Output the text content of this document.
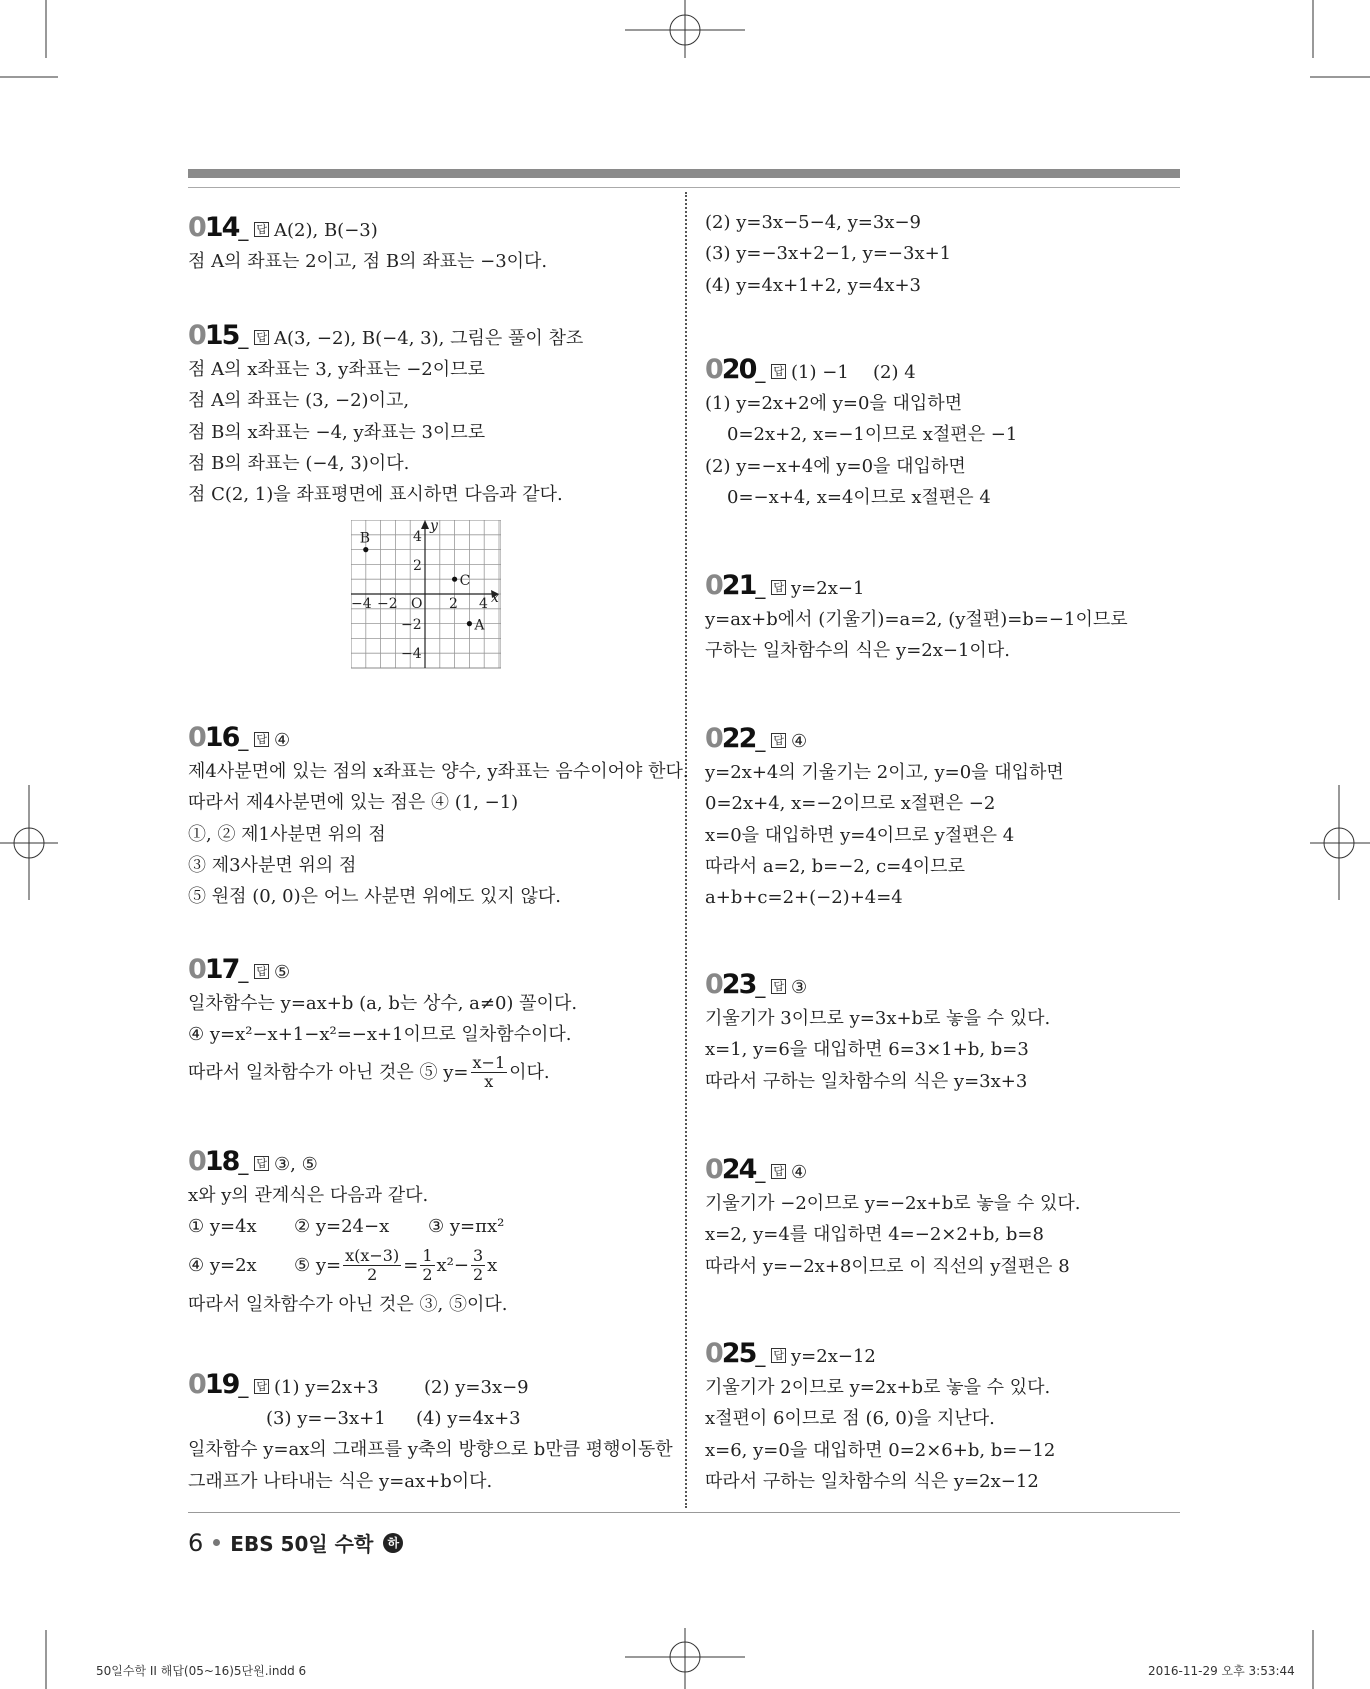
014 _ 답 A(2), B(−3)
점 A의 좌표는 2이고, 점 B의 좌표는 −3이다.
015 _ 답 A(3, −2), B(−4, 3), 그림은 풀이 참조
점 A의 x좌표는 3, y좌표는 −2이므로
점 A의 좌표는 (3, −2)이고,
점 B의 x좌표는 −4, y좌표는 3이므로
점 B의 좌표는 (−4, 3)이다.
점 C(2, 1)을 좌표평면에 표시하면 다음과 같다.
x
y
O
−4 −2	2 4
4
2
−2
−4
A
B
C
016 _ 답 ④
제4사분면에 있는 점의 x좌표는 양수, y좌표는 음수이어야 한다.
따라서 제4사분면에 있는 점은 ④ (1, −1)
①, ② 제1사분면 위의 점
③ 제3사분면 위의 점
⑤ 원점 (0, 0)은 어느 사분면 위에도 있지 않다.
017 _ 답 ⑤
일차함수는 y=ax+b (a, b는 상수, a≠0) 꼴이다.
④ y=x²−x+1−x²=−x+1이므로 일차함수이다.
따라서 일차함수가 아닌 것은 ⑤ $y= \frac{x-1}{x}$ 이다.
018 _ 답 ③, ⑤
x와 y의 관계식은 다음과 같다.
① y=4x ② y=24−x ③ y=πx²
④ y=2x ⑤ $y= \frac{x(x-3)}{2} = \frac{1}{2} x^2- \frac{3}{2}$ x
따라서 일차함수가 아닌 것은 ③, ⑤이다.
019 _ 답 (1) y=2x+3	(2) y=3x−9
(3) y=−3x+1 (4) y=4x+3
일차함수 y=ax의 그래프를 y축의 방향으로 b만큼 평행이동한
그래프가 나타내는 식은 y=ax+b이다.
(2) y=3x−5−4, y=3x−9
(3) y=−3x+2−1, y=−3x+1
(4) y=4x+1+2, y=4x+3
020 _ 답 (1) −1	(2) 4
(1) y=2x+2에 y=0을 대입하면
0=2x+2, x=−1이므로 x절편은 −1
(2) y=−x+4에 y=0을 대입하면
0=−x+4, x=4이므로 x절편은 4
021 _ 답 y=2x−1
y=ax+b에서 (기울기)=a=2, (y절편)=b=−1이므로
구하는 일차함수의 식은 y=2x−1이다.
022 _ 답 ④
y=2x+4의 기울기는 2이고, y=0을 대입하면
0=2x+4, x=−2이므로 x절편은 −2
x=0을 대입하면 y=4이므로 y절편은 4
따라서 a=2, b=−2, c=4이므로
a+b+c=2+(−2)+4=4
023 _ 답 ③
기울기가 3이므로 y=3x+b로 놓을 수 있다.
x=1, y=6을 대입하면 6=3×1+b, b=3
따라서 구하는 일차함수의 식은 y=3x+3
024 _ 답 ④
기울기가 −2이므로 y=−2x+b로 놓을 수 있다.
x=2, y=4를 대입하면 4=−2×2+b, b=8
따라서 y=−2x+8이므로 이 직선의 y절편은 8
025 _ 답 y=2x−12
기울기가 2이므로 y=2x+b로 놓을 수 있다.
x절편이 6이므로 점 (6, 0)을 지난다.
x=6, y=0을 대입하면 0=2×6+b, b=−12
따라서 구하는 일차함수의 식은 y=2x−12
6 EBS 50일 수학	하
50일수학 II 해답(05~16)5단원.indd 6	2016-11-29 오후 3:53:44
